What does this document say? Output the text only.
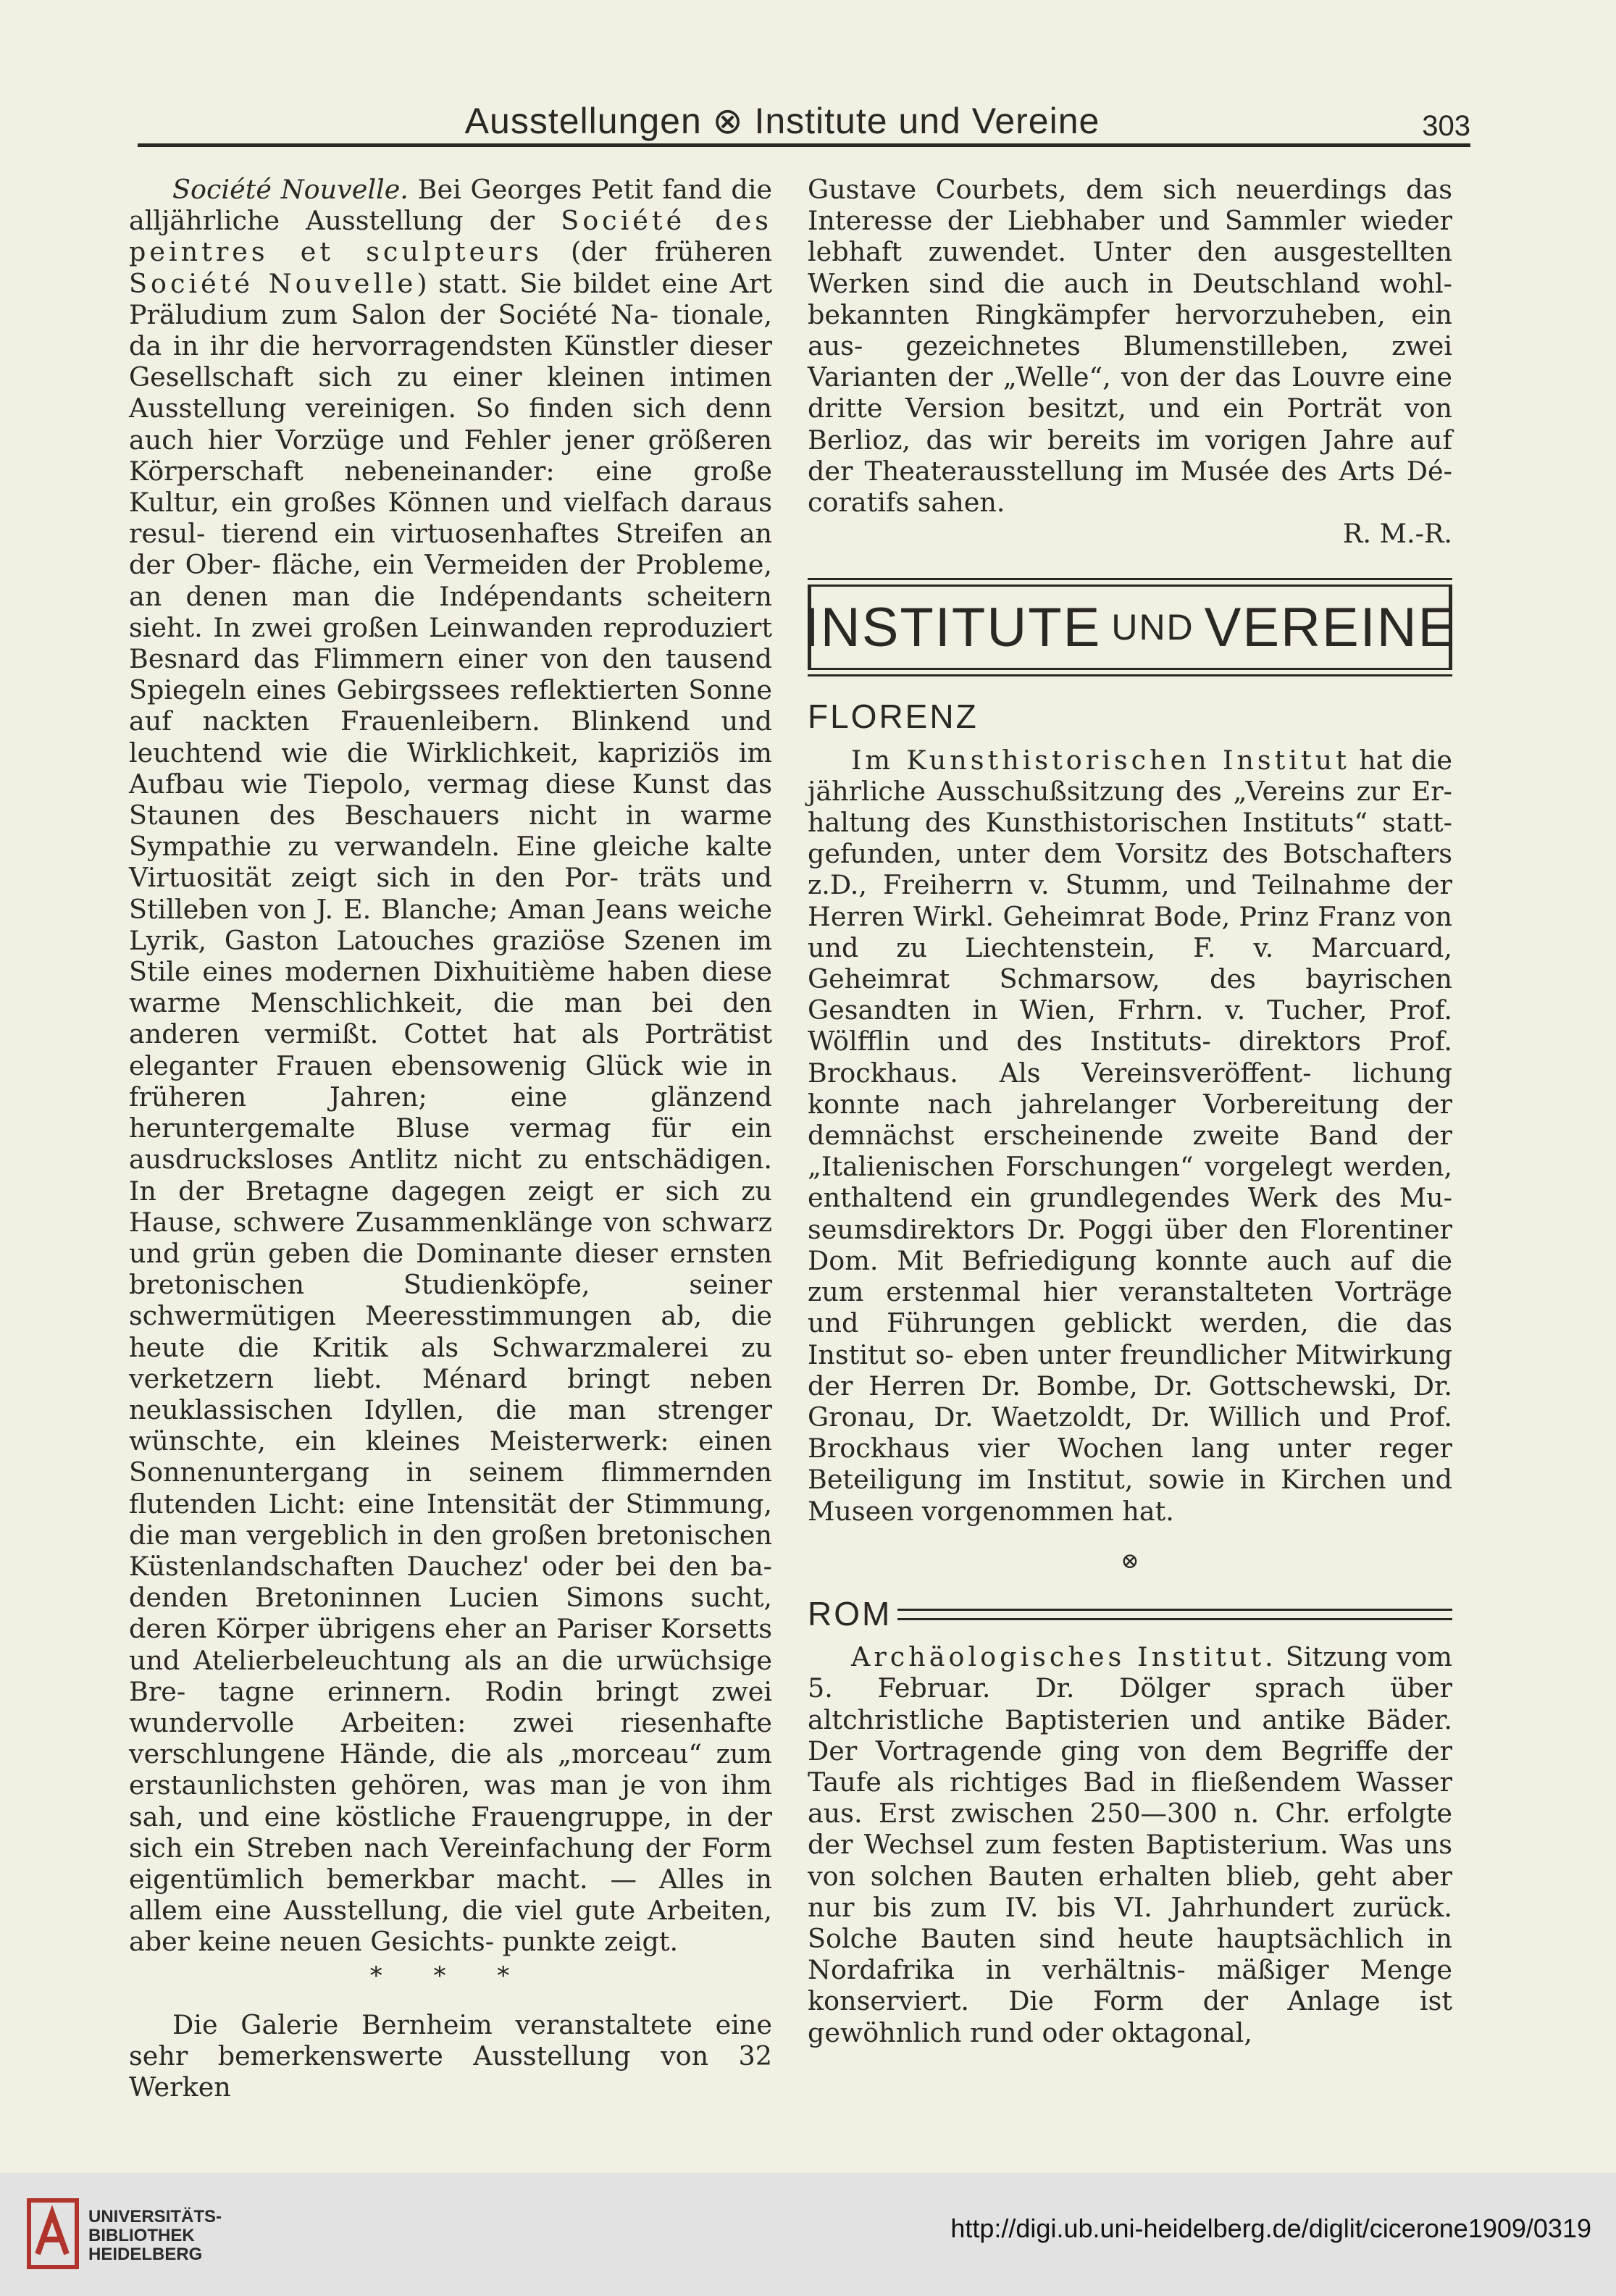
Ausstellungen ⊗ Institute und Vereine	303

Société Nouvelle. Bei Georges Petit fand die alljährliche Ausstellung der Société des peintres et sculpteurs (der früheren Société Nouvelle) statt. Sie bildet eine Art Präludium zum Salon der Société Na- tionale, da in ihr die hervorragendsten Künstler dieser Gesellschaft sich zu einer kleinen intimen Ausstellung vereinigen. So finden sich denn auch hier Vorzüge und Fehler jener größeren Körperschaft nebeneinander: eine große Kultur, ein großes Können und vielfach daraus resul- tierend ein virtuosenhaftes Streifen an der Ober- fläche, ein Vermeiden der Probleme, an denen man die Indépendants scheitern sieht. In zwei großen Leinwanden reproduziert Besnard das Flimmern einer von den tausend Spiegeln eines Gebirgssees reflektierten Sonne auf nackten Frauenleibern. Blinkend und leuchtend wie die Wirklichkeit, kapriziös im Aufbau wie Tiepolo, vermag diese Kunst das Staunen des Beschauers nicht in warme Sympathie zu verwandeln. Eine gleiche kalte Virtuosität zeigt sich in den Por- träts und Stilleben von J. E. Blanche; Aman Jeans weiche Lyrik, Gaston Latouches graziöse Szenen im Stile eines modernen Dixhuitième haben diese warme Menschlichkeit, die man bei den anderen vermißt. Cottet hat als Porträtist eleganter Frauen ebensowenig Glück wie in früheren Jahren; eine glänzend heruntergemalte Bluse vermag für ein ausdrucksloses Antlitz nicht zu entschädigen. In der Bretagne dagegen zeigt er sich zu Hause, schwere Zusammenklänge von schwarz und grün geben die Dominante dieser ernsten bretonischen Studienköpfe, seiner schwermütigen Meeresstimmungen ab, die heute die Kritik als Schwarzmalerei zu verketzern liebt. Ménard bringt neben neuklassischen Idyllen, die man strenger wünschte, ein kleines Meisterwerk: einen Sonnenuntergang in seinem flimmernden flutenden Licht: eine Intensität der Stimmung, die man vergeblich in den großen bretonischen Küstenlandschaften Dauchez' oder bei den ba- denden Bretoninnen Lucien Simons sucht, deren Körper übrigens eher an Pariser Korsetts und Atelierbeleuchtung als an die urwüchsige Bre- tagne erinnern. Rodin bringt zwei wundervolle Arbeiten: zwei riesenhafte verschlungene Hände, die als „morceau“ zum erstaunlichsten gehören, was man je von ihm sah, und eine köstliche Frauengruppe, in der sich ein Streben nach Vereinfachung der Form eigentümlich bemerkbar macht. — Alles in allem eine Ausstellung, die viel gute Arbeiten, aber keine neuen Gesichts- punkte zeigt.

* * *

Die Galerie Bernheim veranstaltete eine sehr bemerkenswerte Ausstellung von 32 Werken

Gustave Courbets, dem sich neuerdings das Interesse der Liebhaber und Sammler wieder lebhaft zuwendet. Unter den ausgestellten Werken sind die auch in Deutschland wohl- bekannten Ringkämpfer hervorzuheben, ein aus- gezeichnetes Blumenstilleben, zwei Varianten der „Welle“, von der das Louvre eine dritte Version besitzt, und ein Porträt von Berlioz, das wir bereits im vorigen Jahre auf der Theaterausstellung im Musée des Arts Dé- coratifs sahen.
R. M.-R.

INSTITUTE UND VEREINE
FLORENZ

Im Kunsthistorischen Institut hat die jährliche Ausschußsitzung des „Vereins zur Er- haltung des Kunsthistorischen Instituts“ statt- gefunden, unter dem Vorsitz des Botschafters z.D., Freiherrn v. Stumm, und Teilnahme der Herren Wirkl. Geheimrat Bode, Prinz Franz von und zu Liechtenstein, F. v. Marcuard, Geheimrat Schmarsow, des bayrischen Gesandten in Wien, Frhrn. v. Tucher, Prof. Wölfflin und des Instituts- direktors Prof. Brockhaus. Als Vereinsveröffent- lichung konnte nach jahrelanger Vorbereitung der demnächst erscheinende zweite Band der „Italienischen Forschungen“ vorgelegt werden, enthaltend ein grundlegendes Werk des Mu- seumsdirektors Dr. Poggi über den Florentiner Dom. Mit Befriedigung konnte auch auf die zum erstenmal hier veranstalteten Vorträge und Führungen geblickt werden, die das Institut so- eben unter freundlicher Mitwirkung der Herren Dr. Bombe, Dr. Gottschewski, Dr. Gronau, Dr. Waetzoldt, Dr. Willich und Prof. Brockhaus vier Wochen lang unter reger Beteiligung im Institut, sowie in Kirchen und Museen vorgenommen hat.

⊗
ROM

Archäologisches Institut. Sitzung vom 5. Februar. Dr. Dölger sprach über altchristliche Baptisterien und antike Bäder. Der Vortragende ging von dem Begriffe der Taufe als richtiges Bad in fließendem Wasser aus. Erst zwischen 250—300 n. Chr. erfolgte der Wechsel zum festen Baptisterium. Was uns von solchen Bauten erhalten blieb, geht aber nur bis zum IV. bis VI. Jahrhundert zurück. Solche Bauten sind heute hauptsächlich in Nordafrika in verhältnis- mäßiger Menge konserviert. Die Form der Anlage ist gewöhnlich rund oder oktagonal,

UNIVERSITÄTS-
BIBLIOTHEK
HEIDELBERG
http://digi.ub.uni-heidelberg.de/diglit/cicerone1909/0319
